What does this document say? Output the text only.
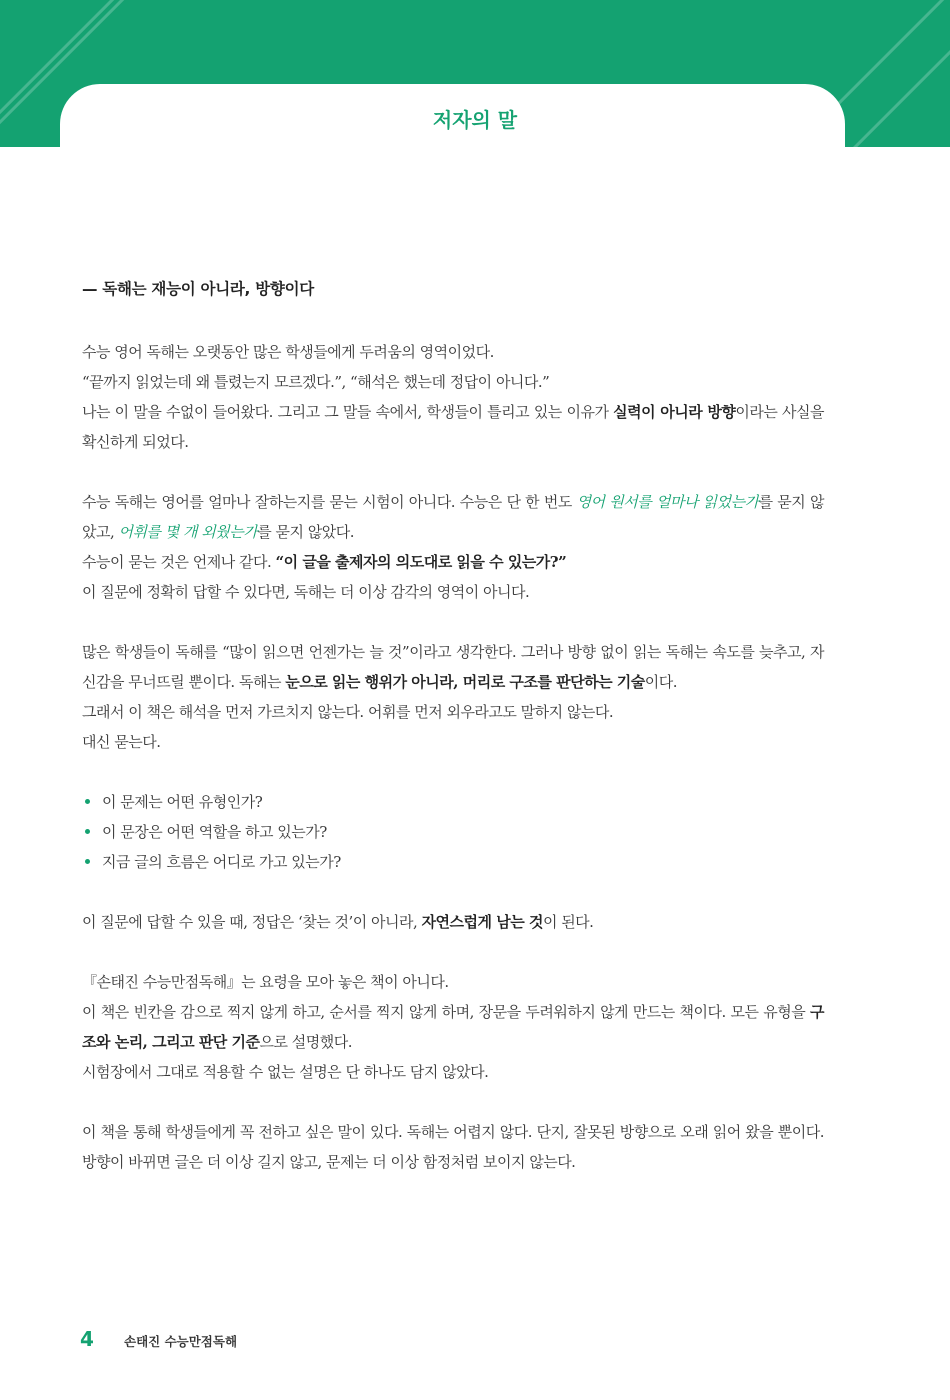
저자의 말
— 독해는 재능이 아니라, 방향이다

수능 영어 독해는 오랫동안 많은 학생들에게 두려움의 영역이었다.
“끝까지 읽었는데 왜 틀렸는지 모르겠다.”, “해석은 했는데 정답이 아니다.”
나는 이 말을 수없이 들어왔다. 그리고 그 말들 속에서, 학생들이 틀리고 있는 이유가 실력이 아니라 방향이라는 사실을 확신하게 되었다.

수능 독해는 영어를 얼마나 잘하는지를 묻는 시험이 아니다. 수능은 단 한 번도 영어 원서를 얼마나 읽었는가를 묻지 않았고, 어휘를 몇 개 외웠는가를 묻지 않았다.
수능이 묻는 것은 언제나 같다. “이 글을 출제자의 의도대로 읽을 수 있는가?”
이 질문에 정확히 답할 수 있다면, 독해는 더 이상 감각의 영역이 아니다.

많은 학생들이 독해를 “많이 읽으면 언젠가는 늘 것”이라고 생각한다. 그러나 방향 없이 읽는 독해는 속도를 늦추고, 자신감을 무너뜨릴 뿐이다. 독해는 눈으로 읽는 행위가 아니라, 머리로 구조를 판단하는 기술이다.
그래서 이 책은 해석을 먼저 가르치지 않는다. 어휘를 먼저 외우라고도 말하지 않는다.
대신 묻는다.

이 문제는 어떤 유형인가?
이 문장은 어떤 역할을 하고 있는가?
지금 글의 흐름은 어디로 가고 있는가?

이 질문에 답할 수 있을 때, 정답은 ‘찾는 것’이 아니라, 자연스럽게 남는 것이 된다.

『손태진 수능만점독해』는 요령을 모아 놓은 책이 아니다.
이 책은 빈칸을 감으로 찍지 않게 하고, 순서를 찍지 않게 하며, 장문을 두려워하지 않게 만드는 책이다. 모든 유형을 구조와 논리, 그리고 판단 기준으로 설명했다.
시험장에서 그대로 적용할 수 없는 설명은 단 하나도 담지 않았다.

이 책을 통해 학생들에게 꼭 전하고 싶은 말이 있다. 독해는 어렵지 않다. 단지, 잘못된 방향으로 오래 읽어 왔을 뿐이다. 방향이 바뀌면 글은 더 이상 길지 않고, 문제는 더 이상 함정처럼 보이지 않는다.

4 손태진 수능만점독해
